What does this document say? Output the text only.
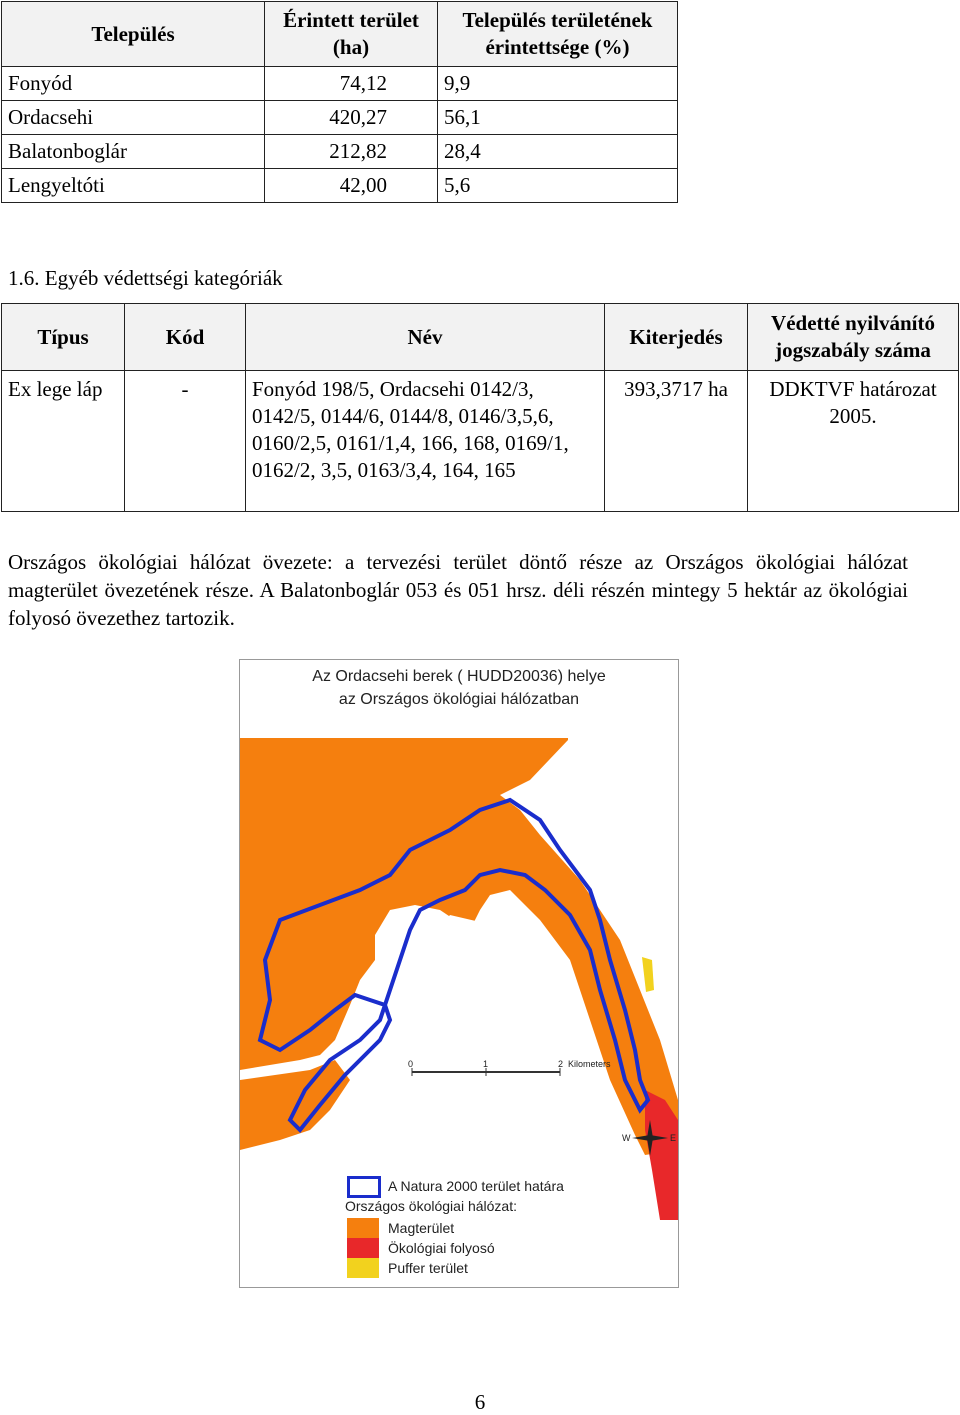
Település	Érintett terület (ha)	Település területének érintettsége (%)
Fonyód	74,12	9,9
Ordacsehi	420,27	56,1
Balatonboglár	212,82	28,4
Lengyeltóti	42,00	5,6
1.6. Egyéb védettségi kategóriák
Típus	Kód	Név	Kiterjedés	Védetté nyilvánító jogszabály száma
Ex lege láp	-	Fonyód 198/5, Ordacsehi 0142/3, 0142/5, 0144/6, 0144/8, 0146/3,5,6, 0160/2,5, 0161/1,4, 166, 168, 0169/1, 0162/2, 3,5, 0163/3,4, 164, 165	393,3717 ha	DDKTVF határozat 2005.
Országos ökológiai hálózat övezete: a tervezési terület döntő része az Országos ökológiai hálózat magterület övezetének része. A Balatonboglár 053 és 051 hrsz. déli részén mintegy 5 hektár az ökológiai folyosó övezethez tartozik.
Az Ordacsehi berek ( HUDD20036) helye
az Országos ökológiai hálózatban
0	1	2 Kilometers
W	E
A Natura 2000 terület határa
Országos ökológiai hálózat:
Magterület
Ökológiai folyosó
Puffer terület
6
